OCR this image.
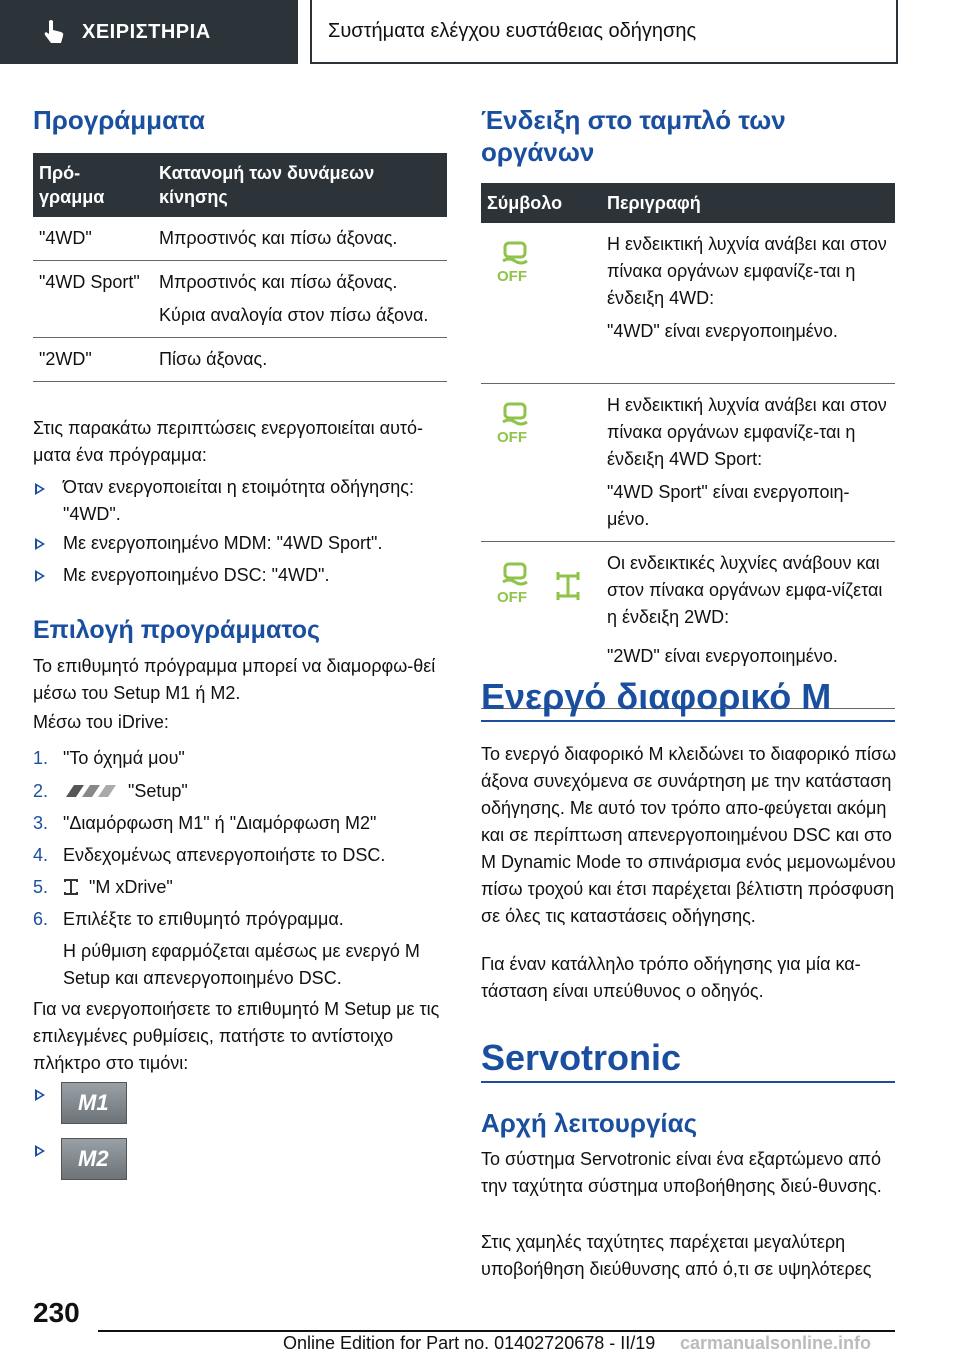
ΧΕΙΡΙΣΤΗΡΙΑ	Συστήματα ελέγχου ευστάθειας οδήγησης
Προγράμματα
Πρό-
γραμμα	Κατανομή των δυνάμεων κίνησης
"4WD"	Μπροστινός και πίσω άξονας.
"4WD Sport"	Μπροστινός και πίσω άξονας.
Κύρια αναλογία στον πίσω άξονα.

"2WD"	Πίσω άξονας.

Στις παρακάτω περιπτώσεις ενεργοποιείται αυτό-ματα ένα πρόγραμμα:

Όταν ενεργοποιείται η ετοιμότητα οδήγησης: "4WD".

Με ενεργοποιημένο MDM: "4WD Sport".

Με ενεργοποιημένο DSC: "4WD".

Επιλογή προγράμματος

Το επιθυμητό πρόγραμμα μπορεί να διαμορφω-θεί μέσω του Setup M1 ή M2.

Μέσω του iDrive:

1. "Το όχημά μου"
2.	"Setup"
3. "Διαμόρφωση M1" ή "Διαμόρφωση M2"
4. Ενδεχομένως απενεργοποιήστε το DSC.
5. "M xDrive"
6. Επιλέξτε το επιθυμητό πρόγραμμα.

Η ρύθμιση εφαρμόζεται αμέσως με ενεργό M Setup και απενεργοποιημένο DSC.

Για να ενεργοποιήσετε το επιθυμητό M Setup με τις επιλεγμένες ρυθμίσεις, πατήστε το αντίστοιχο πλήκτρο στο τιμόνι:

M1
M2
Ένδειξη στο ταμπλό των οργάνων
Σύμβολο	Περιγραφή

OFF	Η ενδεικτική λυχνία ανάβει και στον πίνακα οργάνων εμφανίζε-ται η ένδειξη 4WD:
"4WD" είναι ενεργοποιημένο.

OFF	Η ενδεικτική λυχνία ανάβει και στον πίνακα οργάνων εμφανίζε-ται η ένδειξη 4WD Sport:
"4WD Sport" είναι ενεργοποιη-μένο.

OFF	Οι ενδεικτικές λυχνίες ανάβουν και στον πίνακα οργάνων εμφα-νίζεται η ένδειξη 2WD:
"2WD" είναι ενεργοποιημένο.
Ενεργό διαφορικό M

Το ενεργό διαφορικό M κλειδώνει το διαφορικό πίσω άξονα συνεχόμενα σε συνάρτηση με την κατάσταση οδήγησης. Με αυτό τον τρόπο απο-φεύγεται ακόμη και σε περίπτωση απενεργοποιημένου DSC και στο M Dynamic Mode το σπινάρισμα ενός μεμονωμένου πίσω τροχού και έτσι παρέχεται βέλτιστη πρόσφυση σε όλες τις καταστάσεις οδήγησης.

Για έναν κατάλληλο τρόπο οδήγησης για μία κα-τάσταση είναι υπεύθυνος ο οδηγός.

Servotronic
Αρχή λειτουργίας

Το σύστημα Servotronic είναι ένα εξαρτώμενο από την ταχύτητα σύστημα υποβοήθησης διεύ-θυνσης.

Στις χαμηλές ταχύτητες παρέχεται μεγαλύτερη υποβοήθηση διεύθυνσης από ό,τι σε υψηλότερες

230
Online Edition for Part no. 01402720678 - II/19 carmanualsonline.info
